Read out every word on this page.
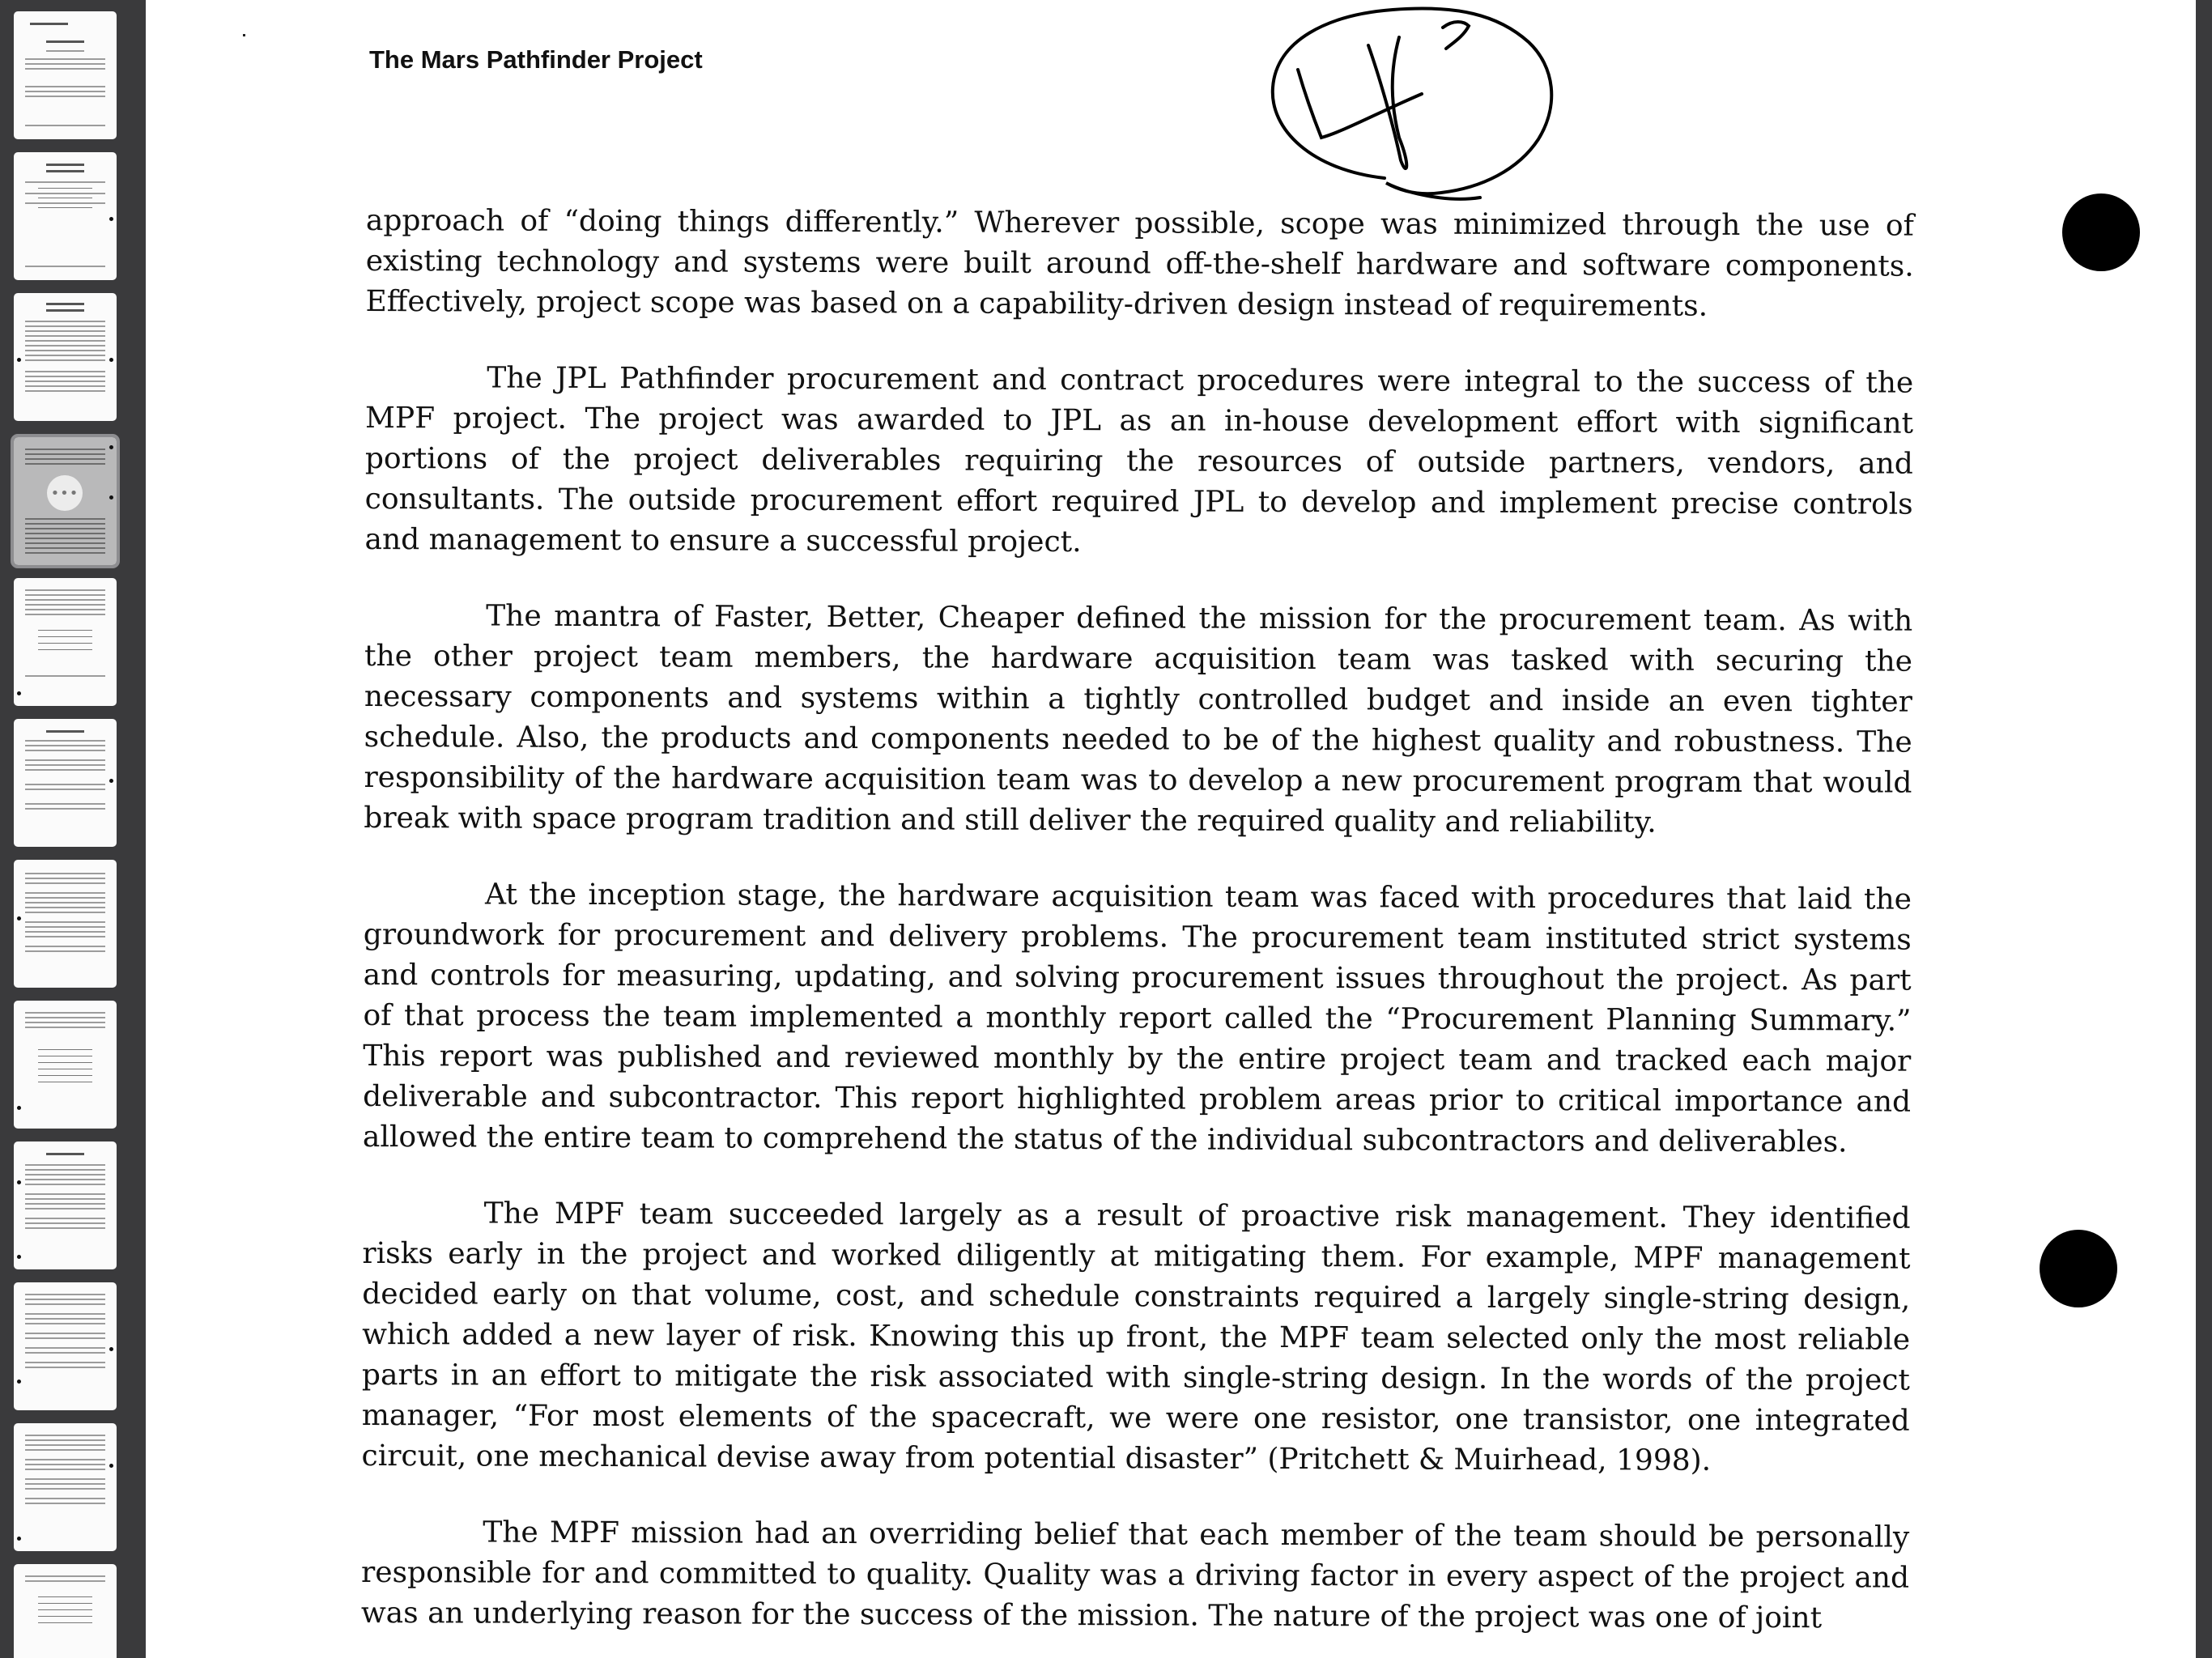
•••
The Mars Pathfinder Project

approach of “doing things differently.” Wherever possible, scope was minimized through the use of existing technology and systems were built around off-the-shelf hardware and software components. Effectively, project scope was based on a capability-driven design instead of requirements.

The JPL Pathfinder procurement and contract procedures were integral to the success of the MPF project. The project was awarded to JPL as an in-house development effort with significant portions of the project deliverables requiring the resources of outside partners, vendors, and consultants. The outside procurement effort required JPL to develop and implement precise controls and management to ensure a successful project.

The mantra of Faster, Better, Cheaper defined the mission for the procurement team. As with the other project team members, the hardware acquisition team was tasked with securing the necessary components and systems within a tightly controlled budget and inside an even tighter schedule. Also, the products and components needed to be of the highest quality and robustness. The responsibility of the hardware acquisition team was to develop a new procurement program that would break with space program tradition and still deliver the required quality and reliability.

At the inception stage, the hardware acquisition team was faced with procedures that laid the groundwork for procurement and delivery problems. The procurement team instituted strict systems and controls for measuring, updating, and solving procurement issues throughout the project. As part of that process the team implemented a monthly report called the “Procurement Planning Summary.” This report was published and reviewed monthly by the entire project team and tracked each major deliverable and subcontractor. This report highlighted problem areas prior to critical importance and allowed the entire team to comprehend the status of the individual subcontractors and deliverables.

The MPF team succeeded largely as a result of proactive risk management. They identified risks early in the project and worked diligently at mitigating them. For example, MPF management decided early on that volume, cost, and schedule constraints required a largely single-string design, which added a new layer of risk. Knowing this up front, the MPF team selected only the most reliable parts in an effort to mitigate the risk associated with single-string design. In the words of the project manager, “For most elements of the spacecraft, we were one resistor, one transistor, one integrated circuit, one mechanical devise away from potential disaster” (Pritchett & Muirhead, 1998).

The MPF mission had an overriding belief that each member of the team should be personally responsible for and committed to quality. Quality was a driving factor in every aspect of the project and was an underlying reason for the success of the mission. The nature of the project was one of joint
